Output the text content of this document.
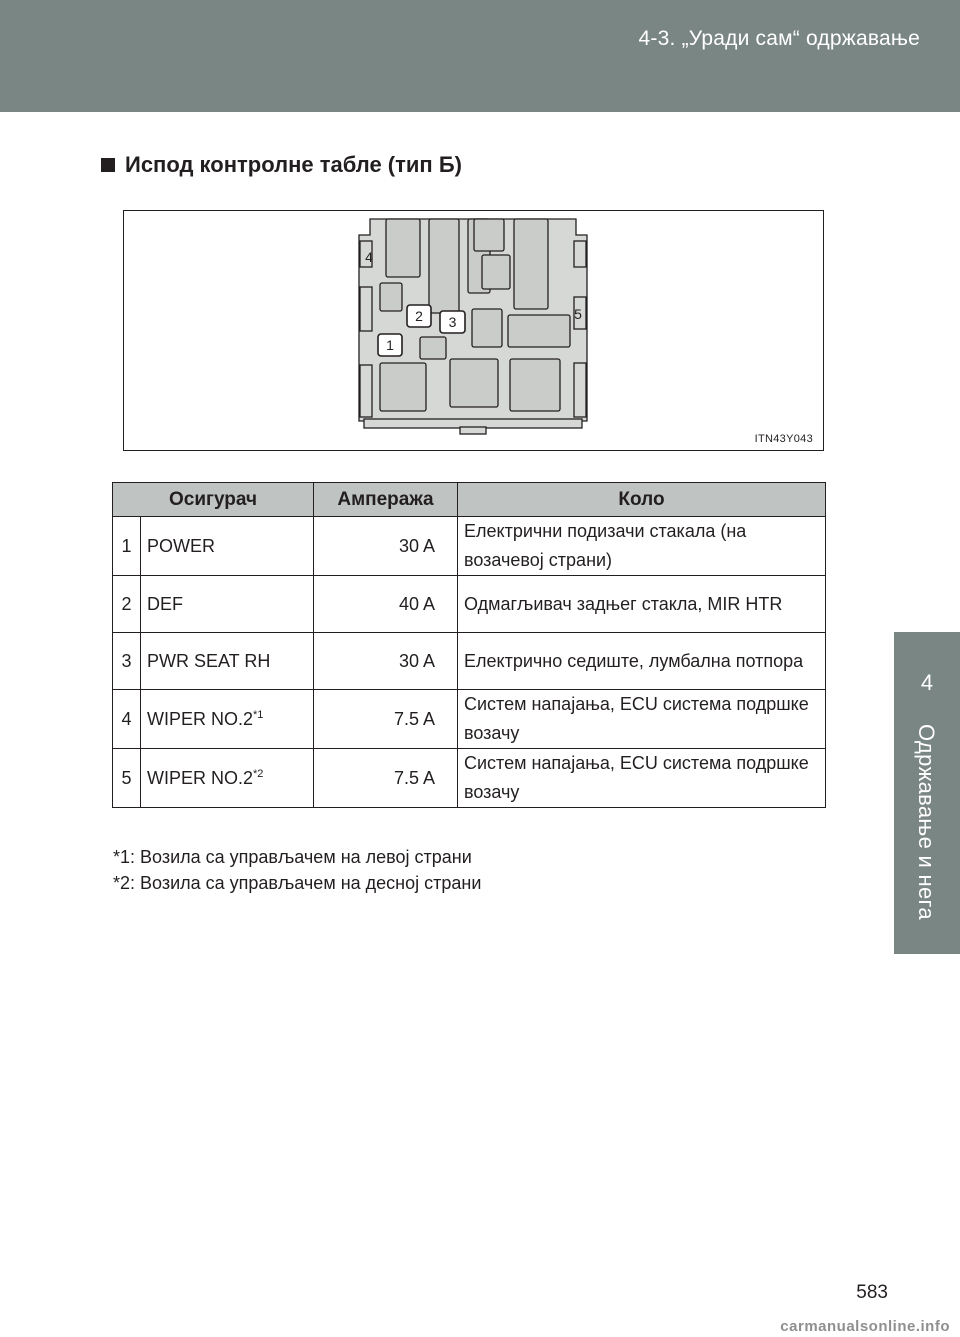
4-3. „Уради сам“ одржавање
4
Одржавање и нега
Испод контролне табле (тип Б)
1
2 3
4
5
ITN43Y043
Осигурач		Ампеража	Коло
1	POWER	30 A	Електрични подизачи стакала (на возачевој страни)
2	DEF	40 A	Одмагљивач задњег стакла, MIR HTR
3	PWR SEAT RH	30 A	Електрично седиште, лумбална потпора
4	WIPER NO.2$^{*1}$	7.5 A	Систем напајања, ECU система подршке возачу
5	WIPER NO.2$^{*2}$	7.5 A	Систем напајања, ECU система подршке возачу
*1: Возила са управљачем на левој страни
*2: Возила са управљачем на десној страни
583
carmanualsonline.info
